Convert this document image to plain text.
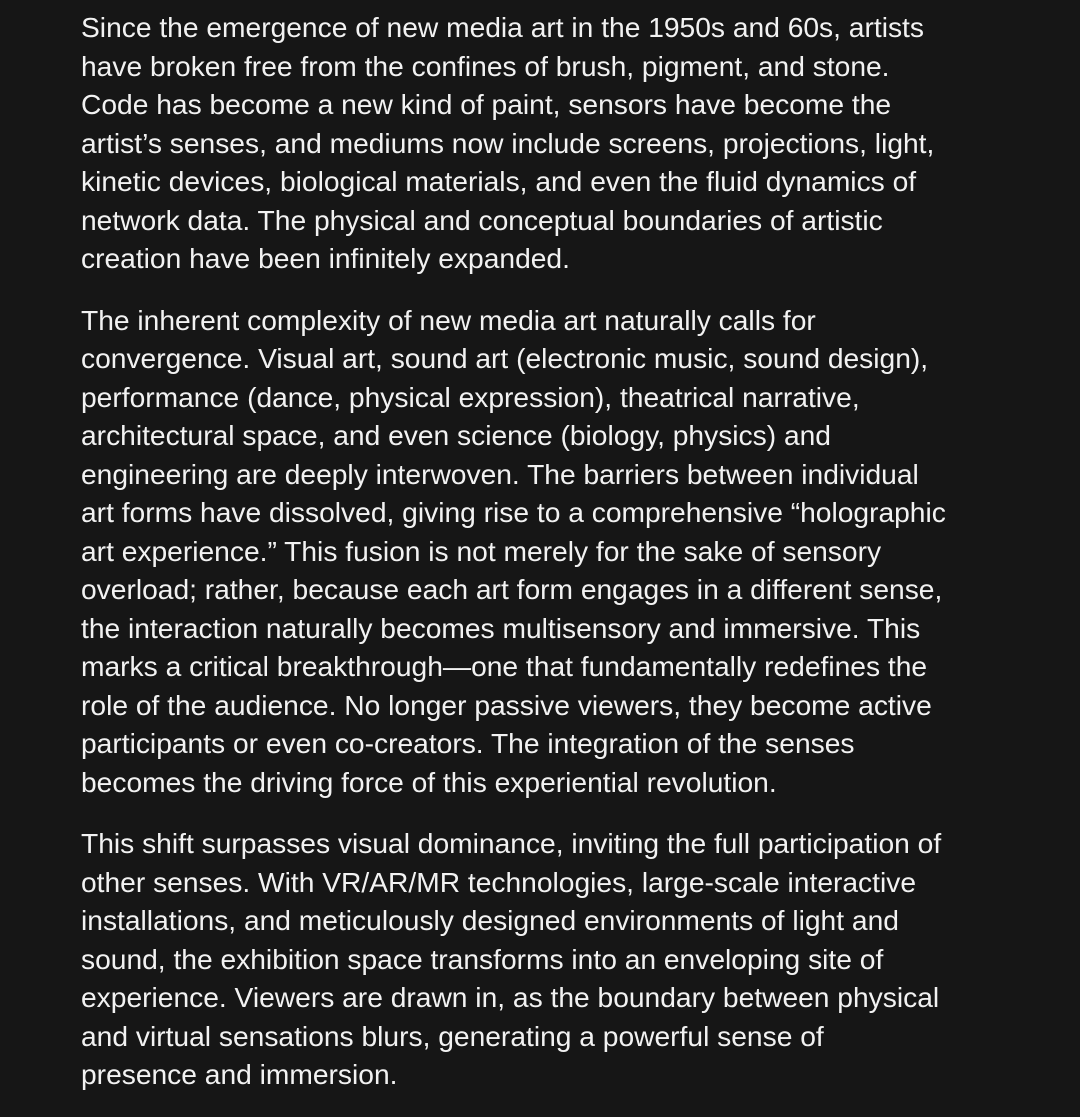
Since the emergence of new media art in the 1950s and 60s, artists
have broken free from the confines of brush, pigment, and stone.
Code has become a new kind of paint, sensors have become the
artist’s senses, and mediums now include screens, projections, light,
kinetic devices, biological materials, and even the fluid dynamics of
network data. The physical and conceptual boundaries of artistic
creation have been infinitely expanded.

The inherent complexity of new media art naturally calls for
convergence. Visual art, sound art (electronic music, sound design),
performance (dance, physical expression), theatrical narrative,
architectural space, and even science (biology, physics) and
engineering are deeply interwoven. The barriers between individual
art forms have dissolved, giving rise to a comprehensive “holographic
art experience.” This fusion is not merely for the sake of sensory
overload; rather, because each art form engages in a different sense,
the interaction naturally becomes multisensory and immersive. This
marks a critical breakthrough—one that fundamentally redefines the
role of the audience. No longer passive viewers, they become active
participants or even co-creators. The integration of the senses
becomes the driving force of this experiential revolution.

This shift surpasses visual dominance, inviting the full participation of
other senses. With VR/AR/MR technologies, large-scale interactive
installations, and meticulously designed environments of light and
sound, the exhibition space transforms into an enveloping site of
experience. Viewers are drawn in, as the boundary between physical
and virtual sensations blurs, generating a powerful sense of
presence and immersion.
